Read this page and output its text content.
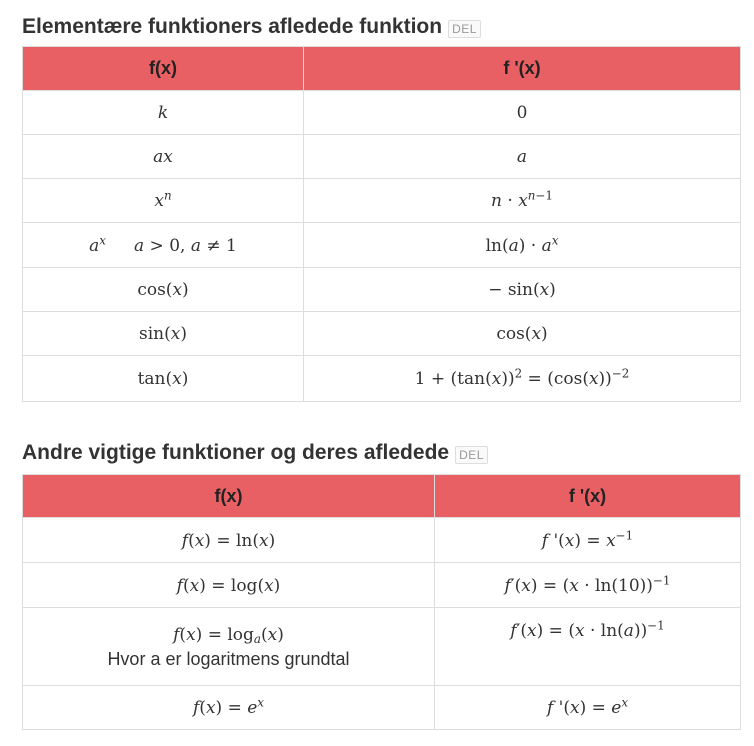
Elementære funktioners afledede funktion DEL
f(x)	f '(x)
k	0
ax	a
$x^n$	$n \cdot x^{n-1}$
$a^x$ a > 0, a ≠ 1	$\ln(a) \cdot a^x$
cos(x)	− sin(x)
sin(x)	cos(x)
tan(x)	$1 + (\tan(x))^2 = (\cos(x))^{-2}$
Andre vigtige funktioner og deres afledede DEL
f(x)	f '(x)
f(x) = ln(x)	f '$(x) = x^{-1}$
f(x) = log(x)	$f'(x) = (x \cdot \ln(10))^{-1}$
$f(x) = \log_a(x)$
Hvor a er logaritmens grundtal	$f'(x) = (x \cdot \ln(a))^{-1}$
$f(x) = e^x$	f '$(x) = e^x$
